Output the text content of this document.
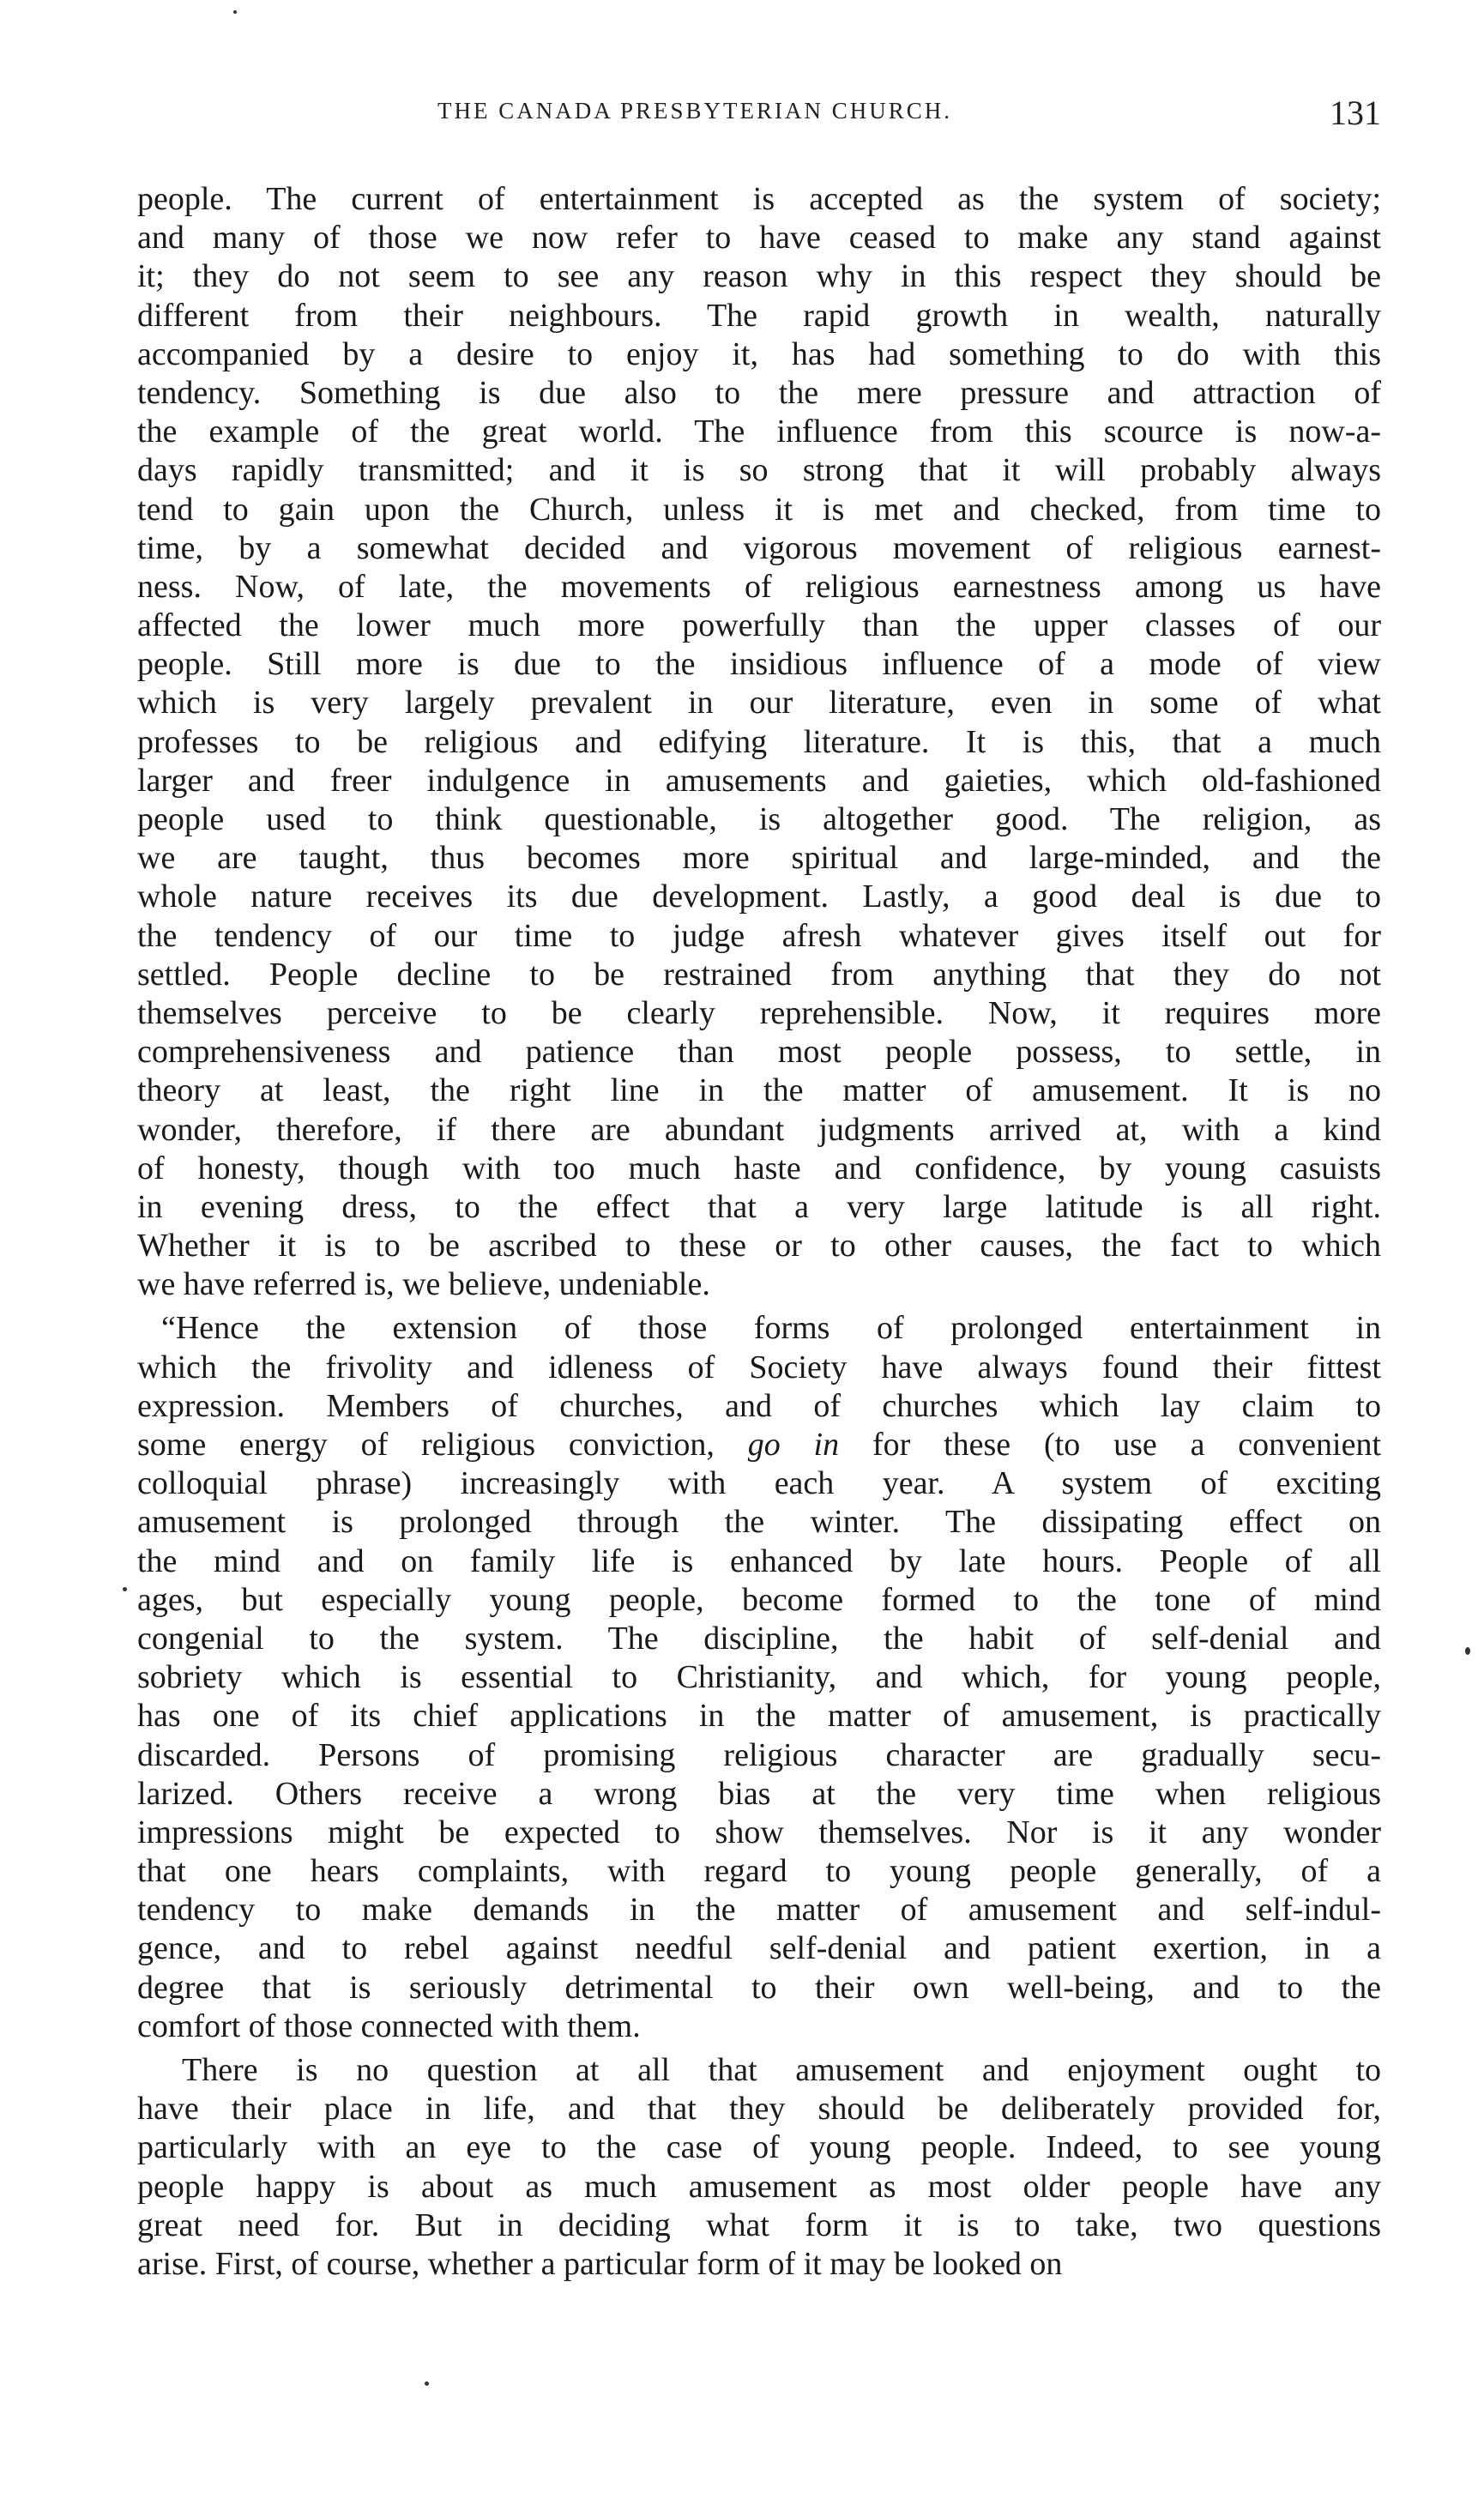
THE CANADA PRESBYTERIAN CHURCH.	131
people. The current of entertainment is accepted as the system of society;
and many of those we now refer to have ceased to make any stand against
it; they do not seem to see any reason why in this respect they should be
different from their neighbours. The rapid growth in wealth, naturally
accompanied by a desire to enjoy it, has had something to do with this
tendency. Something is due also to the mere pressure and attraction of
the example of the great world. The influence from this scource is now-a-
days rapidly transmitted; and it is so strong that it will probably always
tend to gain upon the Church, unless it is met and checked, from time to
time, by a somewhat decided and vigorous movement of religious earnest-
ness. Now, of late, the movements of religious earnestness among us have
affected the lower much more powerfully than the upper classes of our
people. Still more is due to the insidious influence of a mode of view
which is very largely prevalent in our literature, even in some of what
professes to be religious and edifying literature. It is this, that a much
larger and freer indulgence in amusements and gaieties, which old-fashioned
people used to think questionable, is altogether good. The religion, as
we are taught, thus becomes more spiritual and large-minded, and the
whole nature receives its due development. Lastly, a good deal is due to
the tendency of our time to judge afresh whatever gives itself out for
settled. People decline to be restrained from anything that they do not
themselves perceive to be clearly reprehensible. Now, it requires more
comprehensiveness and patience than most people possess, to settle, in
theory at least, the right line in the matter of amusement. It is no
wonder, therefore, if there are abundant judgments arrived at, with a kind
of honesty, though with too much haste and confidence, by young casuists
in evening dress, to the effect that a very large latitude is all right.
Whether it is to be ascribed to these or to other causes, the fact to which
we have referred is, we believe, undeniable.
“Hence the extension of those forms of prolonged entertainment in
which the frivolity and idleness of Society have always found their fittest
expression. Members of churches, and of churches which lay claim to
some energy of religious conviction, go in for these (to use a convenient
colloquial phrase) increasingly with each year. A system of exciting
amusement is prolonged through the winter. The dissipating effect on
the mind and on family life is enhanced by late hours. People of all
ages, but especially young people, become formed to the tone of mind
congenial to the system. The discipline, the habit of self-denial and
sobriety which is essential to Christianity, and which, for young people,
has one of its chief applications in the matter of amusement, is practically
discarded. Persons of promising religious character are gradually secu-
larized. Others receive a wrong bias at the very time when religious
impressions might be expected to show themselves. Nor is it any wonder
that one hears complaints, with regard to young people generally, of a
tendency to make demands in the matter of amusement and self-indul-
gence, and to rebel against needful self-denial and patient exertion, in a
degree that is seriously detrimental to their own well-being, and to the
comfort of those connected with them.
There is no question at all that amusement and enjoyment ought to
have their place in life, and that they should be deliberately provided for,
particularly with an eye to the case of young people. Indeed, to see young
people happy is about as much amusement as most older people have any
great need for. But in deciding what form it is to take, two questions
arise. First, of course, whether a particular form of it may be looked on
